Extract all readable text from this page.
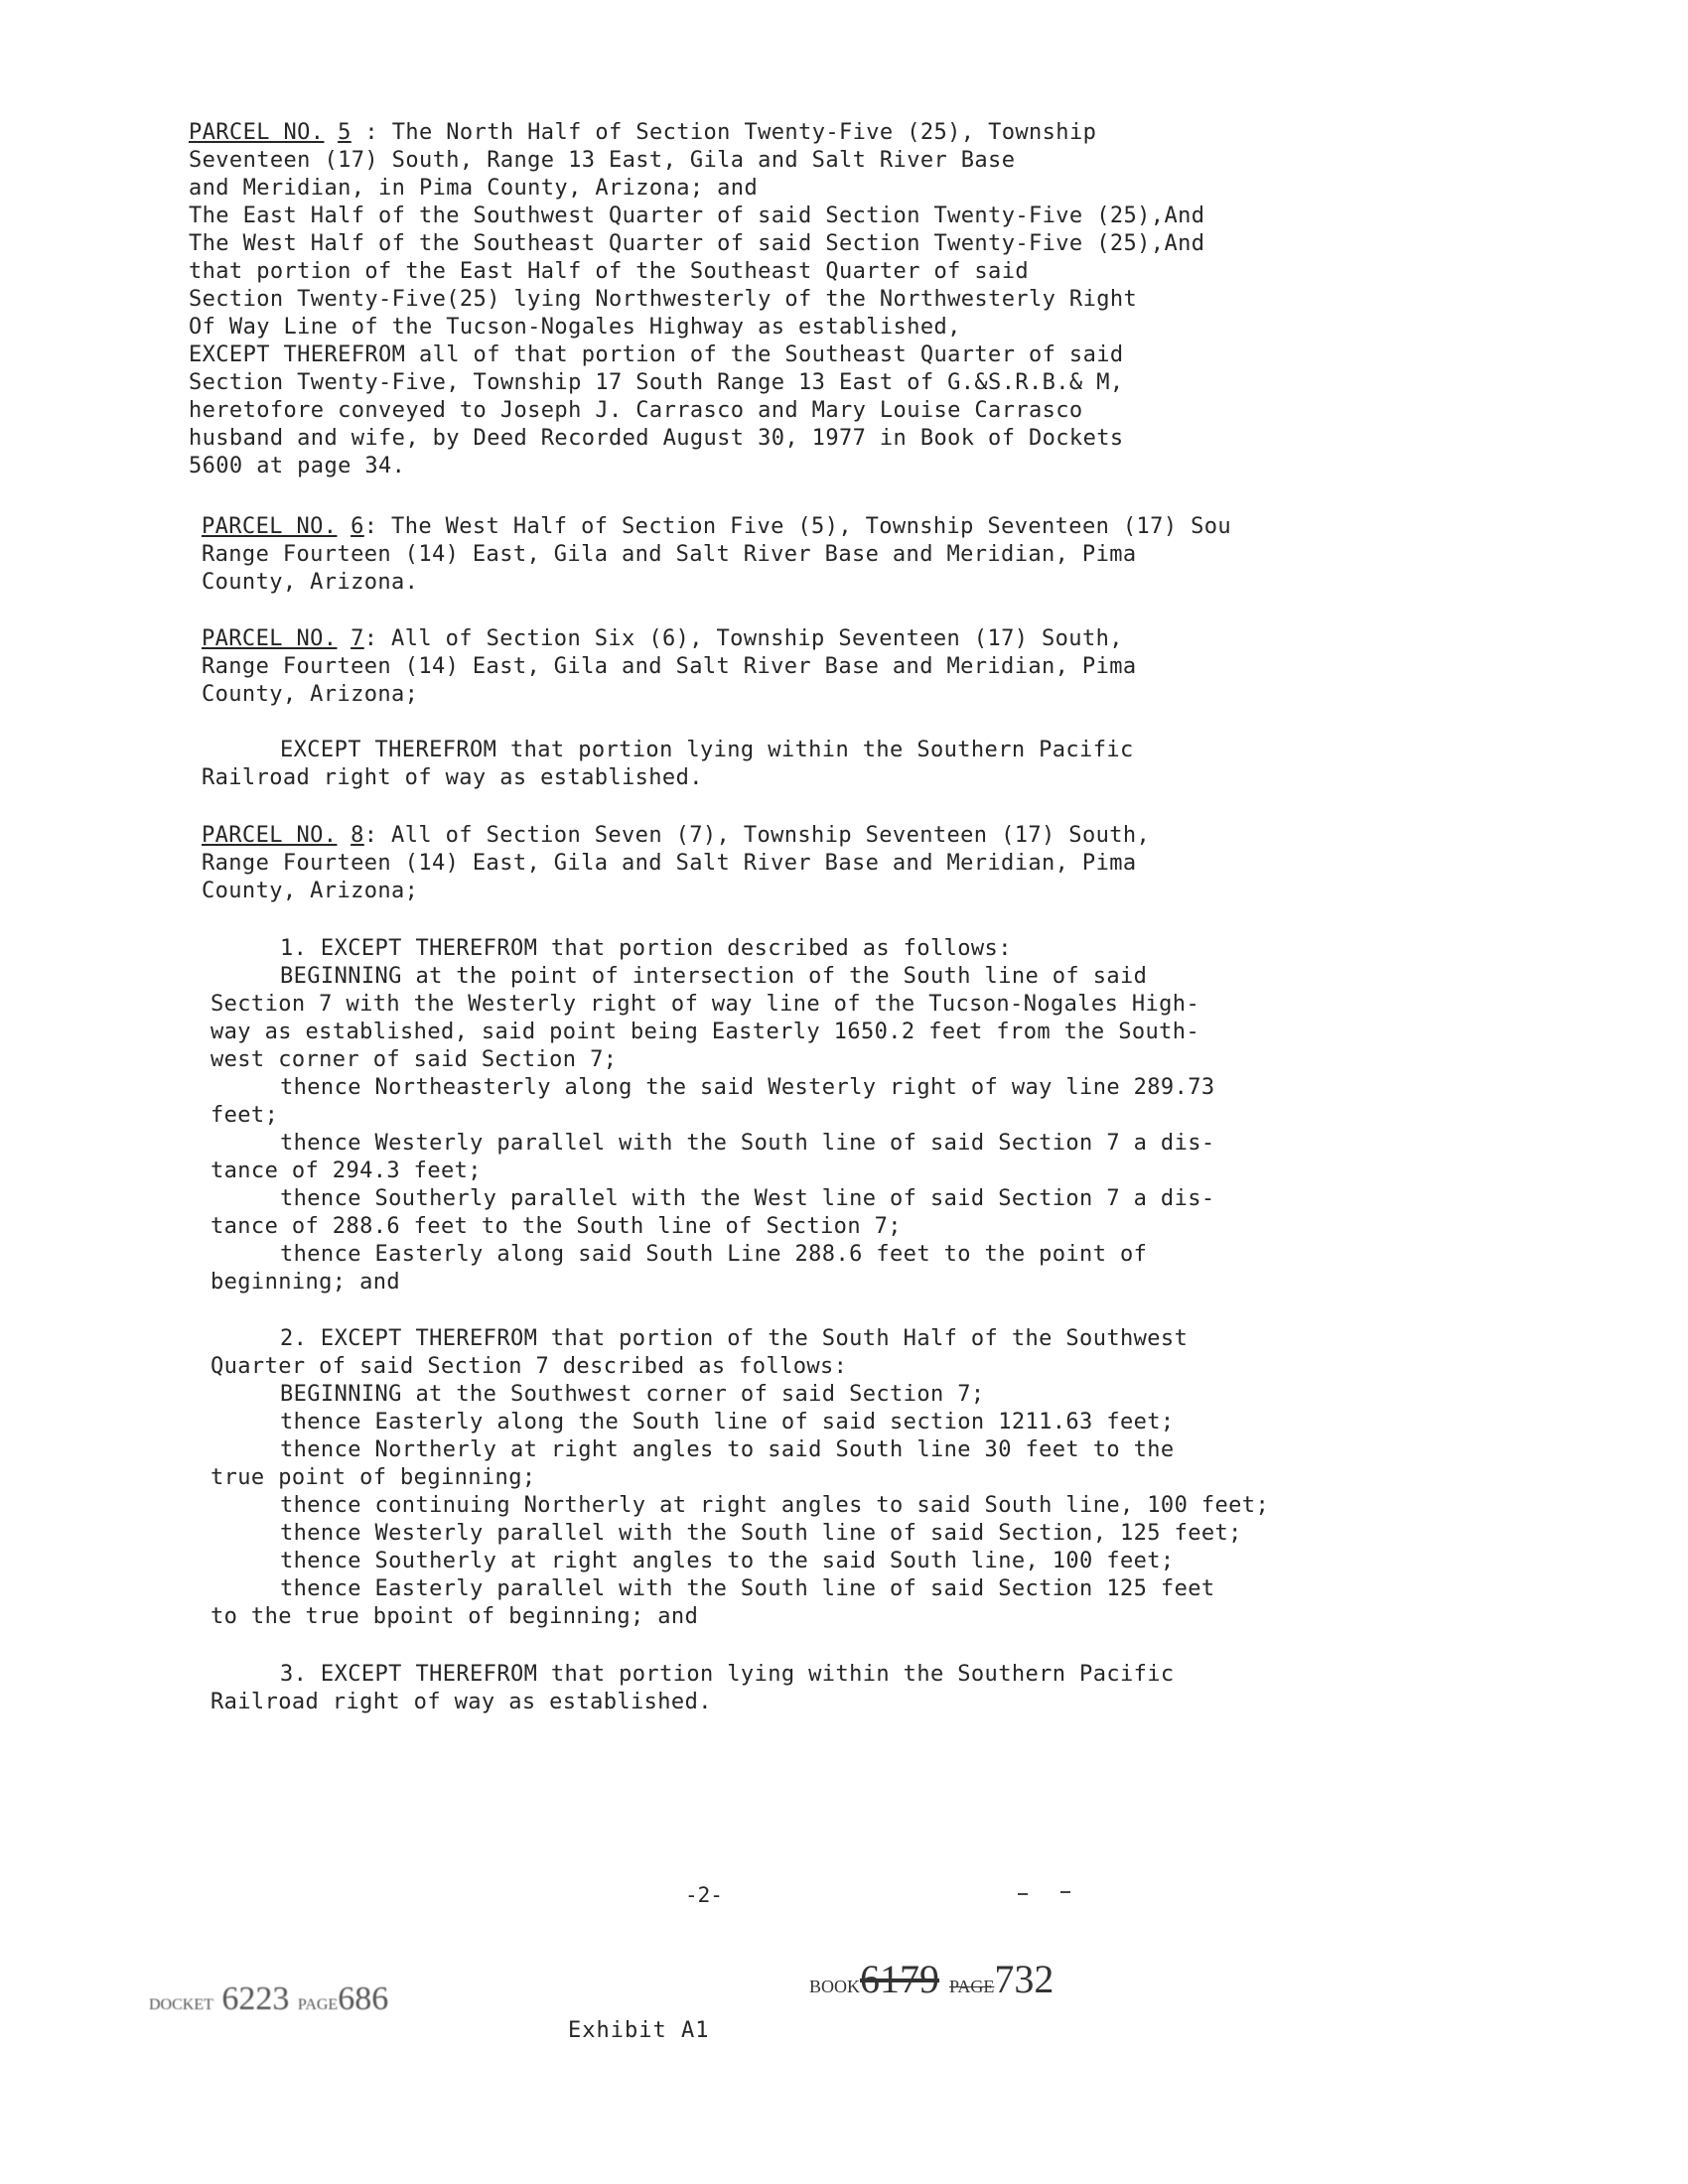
PARCEL NO. 5 : The North Half of Section Twenty-Five (25), Township
Seventeen (17) South, Range 13 East, Gila and Salt River Base
and Meridian, in Pima County, Arizona; and
The East Half of the Southwest Quarter of said Section Twenty-Five (25),And
The West Half of the Southeast Quarter of said Section Twenty-Five (25),And
that portion of the East Half of the Southeast Quarter of said
Section Twenty-Five(25) lying Northwesterly of the Northwesterly Right
Of Way Line of the Tucson-Nogales Highway as established,
EXCEPT THEREFROM all of that portion of the Southeast Quarter of said
Section Twenty-Five, Township 17 South Range 13 East of G.&S.R.B.& M,
heretofore conveyed to Joseph J. Carrasco and Mary Louise Carrasco
husband and wife, by Deed Recorded August 30, 1977 in Book of Dockets
5600 at page 34.
PARCEL NO. 6: The West Half of Section Five (5), Township Seventeen (17) Sou
Range Fourteen (14) East, Gila and Salt River Base and Meridian, Pima
County, Arizona.
PARCEL NO. 7: All of Section Six (6), Township Seventeen (17) South,
Range Fourteen (14) East, Gila and Salt River Base and Meridian, Pima
County, Arizona;
EXCEPT THEREFROM that portion lying within the Southern Pacific
Railroad right of way as established.
PARCEL NO. 8: All of Section Seven (7), Township Seventeen (17) South,
Range Fourteen (14) East, Gila and Salt River Base and Meridian, Pima
County, Arizona;
1. EXCEPT THEREFROM that portion described as follows:
BEGINNING at the point of intersection of the South line of said
Section 7 with the Westerly right of way line of the Tucson-Nogales High-
way as established, said point being Easterly 1650.2 feet from the South-
west corner of said Section 7;
thence Northeasterly along the said Westerly right of way line 289.73
feet;
thence Westerly parallel with the South line of said Section 7 a dis-
tance of 294.3 feet;
thence Southerly parallel with the West line of said Section 7 a dis-
tance of 288.6 feet to the South line of Section 7;
thence Easterly along said South Line 288.6 feet to the point of
beginning; and
2. EXCEPT THEREFROM that portion of the South Half of the Southwest
Quarter of said Section 7 described as follows:
BEGINNING at the Southwest corner of said Section 7;
thence Easterly along the South line of said section 1211.63 feet;
thence Northerly at right angles to said South line 30 feet to the
true point of beginning;
thence continuing Northerly at right angles to said South line, 100 feet;
thence Westerly parallel with the South line of said Section, 125 feet;
thence Southerly at right angles to the said South line, 100 feet;
thence Easterly parallel with the South line of said Section 125 feet
to the true bpoint of beginning; and
3. EXCEPT THEREFROM that portion lying within the Southern Pacific
Railroad right of way as established.
-2-
DOCKET 6223 PAGE686	BOOK6179 PAGE732
Exhibit A1
